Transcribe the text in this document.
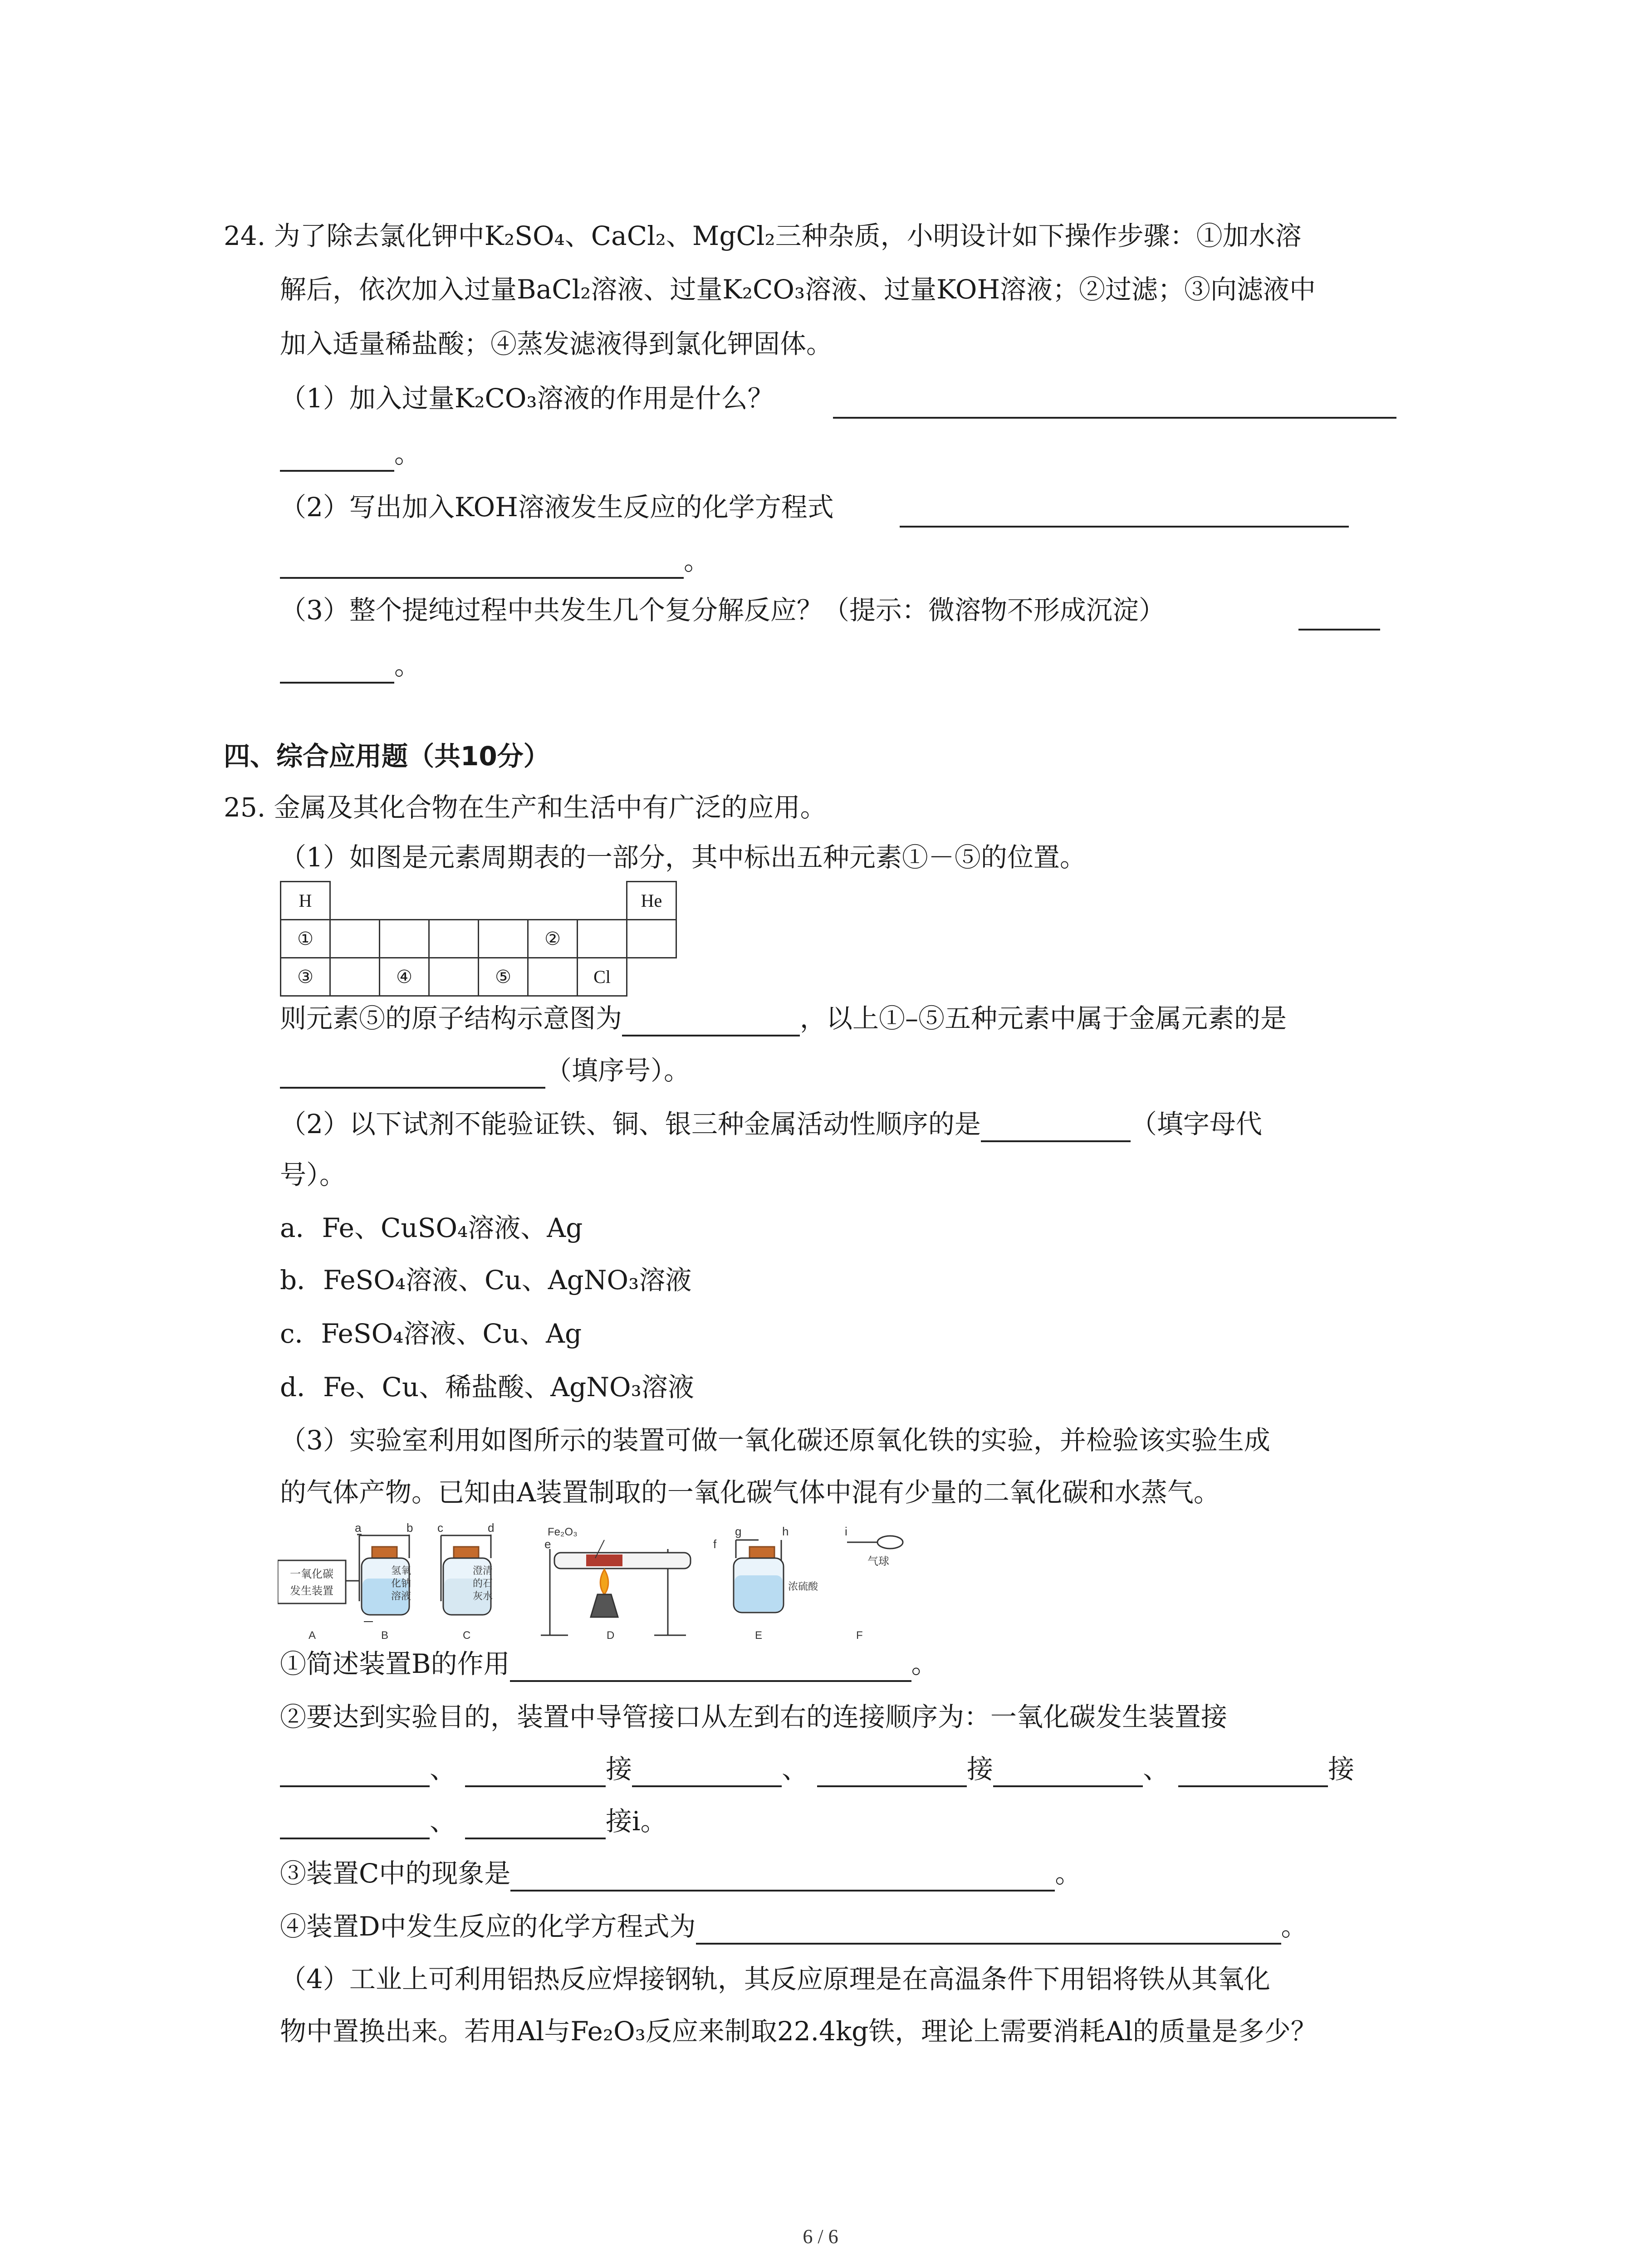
24. 为了除去氯化钾中K₂SO₄、CaCl₂、MgCl₂三种杂质，小明设计如下操作步骤：①加水溶
解后，依次加入过量BaCl₂溶液、过量K₂CO₃溶液、过量KOH溶液；②过滤；③向滤液中
加入适量稀盐酸；④蒸发滤液得到氯化钾固体。
（1）加入过量K₂CO₃溶液的作用是什么？
。
（2）写出加入KOH溶液发生反应的化学方程式
。
（3）整个提纯过程中共发生几个复分解反应？（提示：微溶物不形成沉淀）
。
四、综合应用题（共10分）
25. 金属及其化合物在生产和生活中有广泛的应用。
（1）如图是元素周期表的一部分，其中标出五种元素①－⑤的位置。
H							He
①					②		
③		④		⑤		Cl	
则元素⑤的原子结构示意图为	，以上①–⑤五种元素中属于金属元素的是
（填序号）。
（2）以下试剂不能验证铁、铜、银三种金属活动性顺序的是	（填字母代
号）。
a．Fe、CuSO₄溶液、Ag
b．FeSO₄溶液、Cu、AgNO₃溶液
c．FeSO₄溶液、Cu、Ag
d．Fe、Cu、稀盐酸、AgNO₃溶液
（3）实验室利用如图所示的装置可做一氧化碳还原氧化铁的实验，并检验该实验生成
的气体产物。已知由A装置制取的一氧化碳气体中混有少量的二氧化碳和水蒸气。
一氧化碳
发生装置
a	b
氢氧
化钠
溶液
c	d
澄清
的石
灰水
Fe₂O₃
e	f
g	h
浓硫酸
i
气球
A	B	C	D	E	F
①简述装置B的作用	。
②要达到实验目的，装置中导管接口从左到右的连接顺序为：一氧化碳发生装置接
、	接	、	接	、	接
、	接i。
③装置C中的现象是	。
④装置D中发生反应的化学方程式为	。
（4）工业上可利用铝热反应焊接钢轨，其反应原理是在高温条件下用铝将铁从其氧化
物中置换出来。若用Al与Fe₂O₃反应来制取22.4kg铁，理论上需要消耗Al的质量是多少？
6 / 6
